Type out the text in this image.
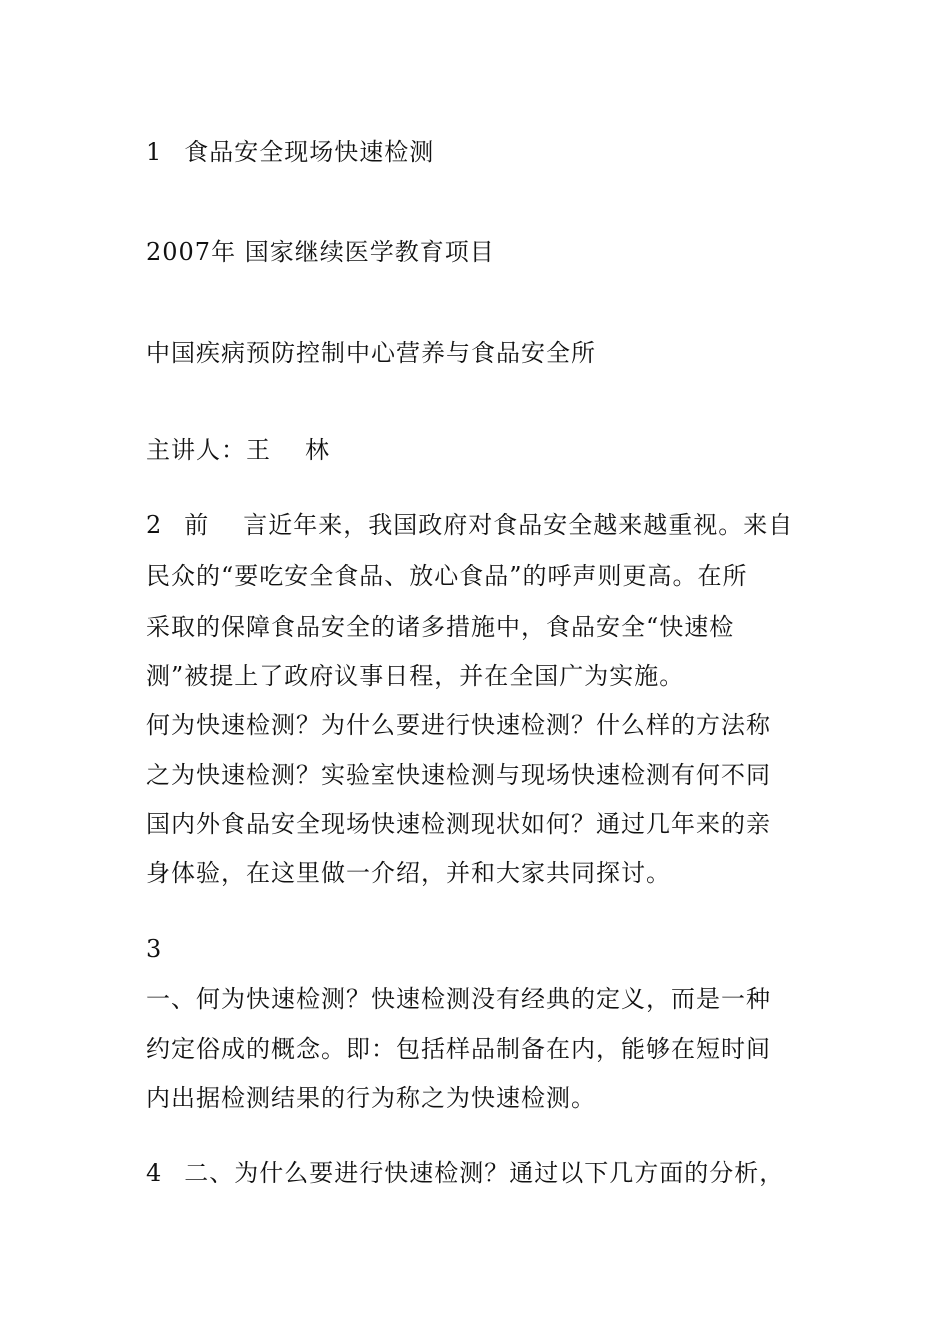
1 食品安全现场快速检测
2007年 国家继续医学教育项目
中国疾病预防控制中心营养与食品安全所
主讲人：王 林
2 前 言近年来，我国政府对食品安全越来越重视。来自
民众的“要吃安全食品、放心食品”的呼声则更高。在所
采取的保障食品安全的诸多措施中，食品安全“快速检
测”被提上了政府议事日程，并在全国广为实施。
何为快速检测？为什么要进行快速检测？什么样的方法称
之为快速检测？实验室快速检测与现场快速检测有何不同
国内外食品安全现场快速检测现状如何？通过几年来的亲
身体验，在这里做一介绍，并和大家共同探讨。
3
一、何为快速检测？快速检测没有经典的定义，而是一种
约定俗成的概念。即：包括样品制备在内，能够在短时间
内出据检测结果的行为称之为快速检测。
4 二、为什么要进行快速检测？通过以下几方面的分析，
